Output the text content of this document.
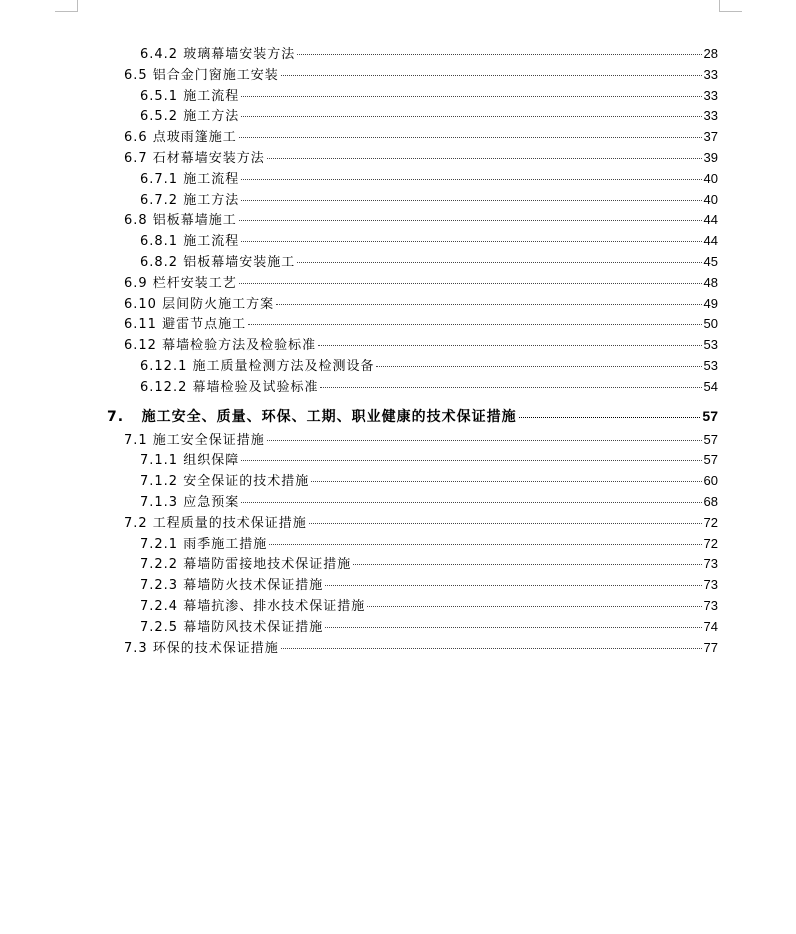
6.4.2 玻璃幕墙安装方法	28
6.5 铝合金门窗施工安装	33
6.5.1 施工流程	33
6.5.2 施工方法	33
6.6 点玻雨篷施工	37
6.7 石材幕墙安装方法	39
6.7.1 施工流程	40
6.7.2 施工方法	40
6.8 铝板幕墙施工	44
6.8.1 施工流程	44
6.8.2 铝板幕墙安装施工	45
6.9 栏杆安装工艺	48
6.10 层间防火施工方案	49
6.11 避雷节点施工	50
6.12 幕墙检验方法及检验标准	53
6.12.1 施工质量检测方法及检测设备	53
6.12.2 幕墙检验及试验标准	54
7.   施工安全、质量、环保、工期、职业健康的技术保证措施	57
7.1 施工安全保证措施	57
7.1.1 组织保障	57
7.1.2 安全保证的技术措施	60
7.1.3 应急预案	68
7.2 工程质量的技术保证措施	72
7.2.1 雨季施工措施	72
7.2.2 幕墙防雷接地技术保证措施	73
7.2.3 幕墙防火技术保证措施	73
7.2.4 幕墙抗渗、排水技术保证措施	73
7.2.5 幕墙防风技术保证措施	74
7.3 环保的技术保证措施	77
